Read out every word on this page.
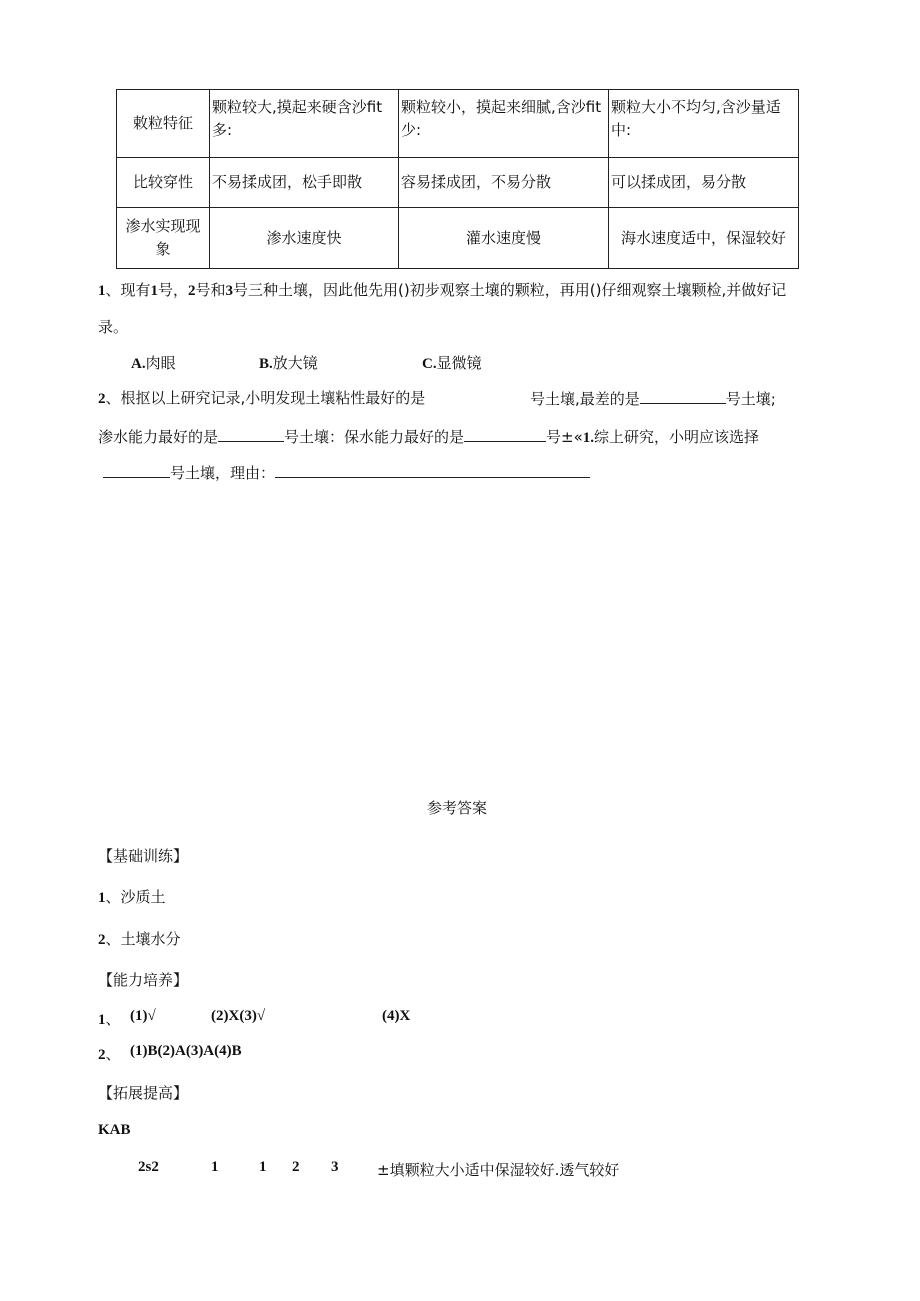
敕粒特征	颗粒较大,摸起来硬含沙fit多:	颗粒较小，摸起来细腻,含沙fit少:	颗粒大小不均匀,含沙量适中:
比较穿性	不易揉成团，松手即散	容易揉成团，不易分散	可以揉成团，易分散
渗水实现现象	渗水速度快	灌水速度慢	海水速度适中，保湿较好
1、现有1号，2号和3号三种土壤，因此他先用()初步观察土壤的颗粒，再用()仔细观察土壤颗检,并做好记
录。
A.肉眼	B.放大镜	C.显微镜
2、根抠以上研究记录,小明发现土壤粘性最好的是	号土壤,最差的是	号土壤;
渗水能力最好的是	号土壤：保水能力最好的是	号±«1.综上研究，小明应该选择
号土壤，理由：
参考答案
【基础训练】
1、沙质土
2、土壤水分
【能力培养】
1、 (1)√	(2)X(3)√	(4)X
2、 (1)B(2)A(3)A(4)B
【拓展提高】
KAB
2s2	1	1 2 3	±填颗粒大小适中保湿较好.透气较好
